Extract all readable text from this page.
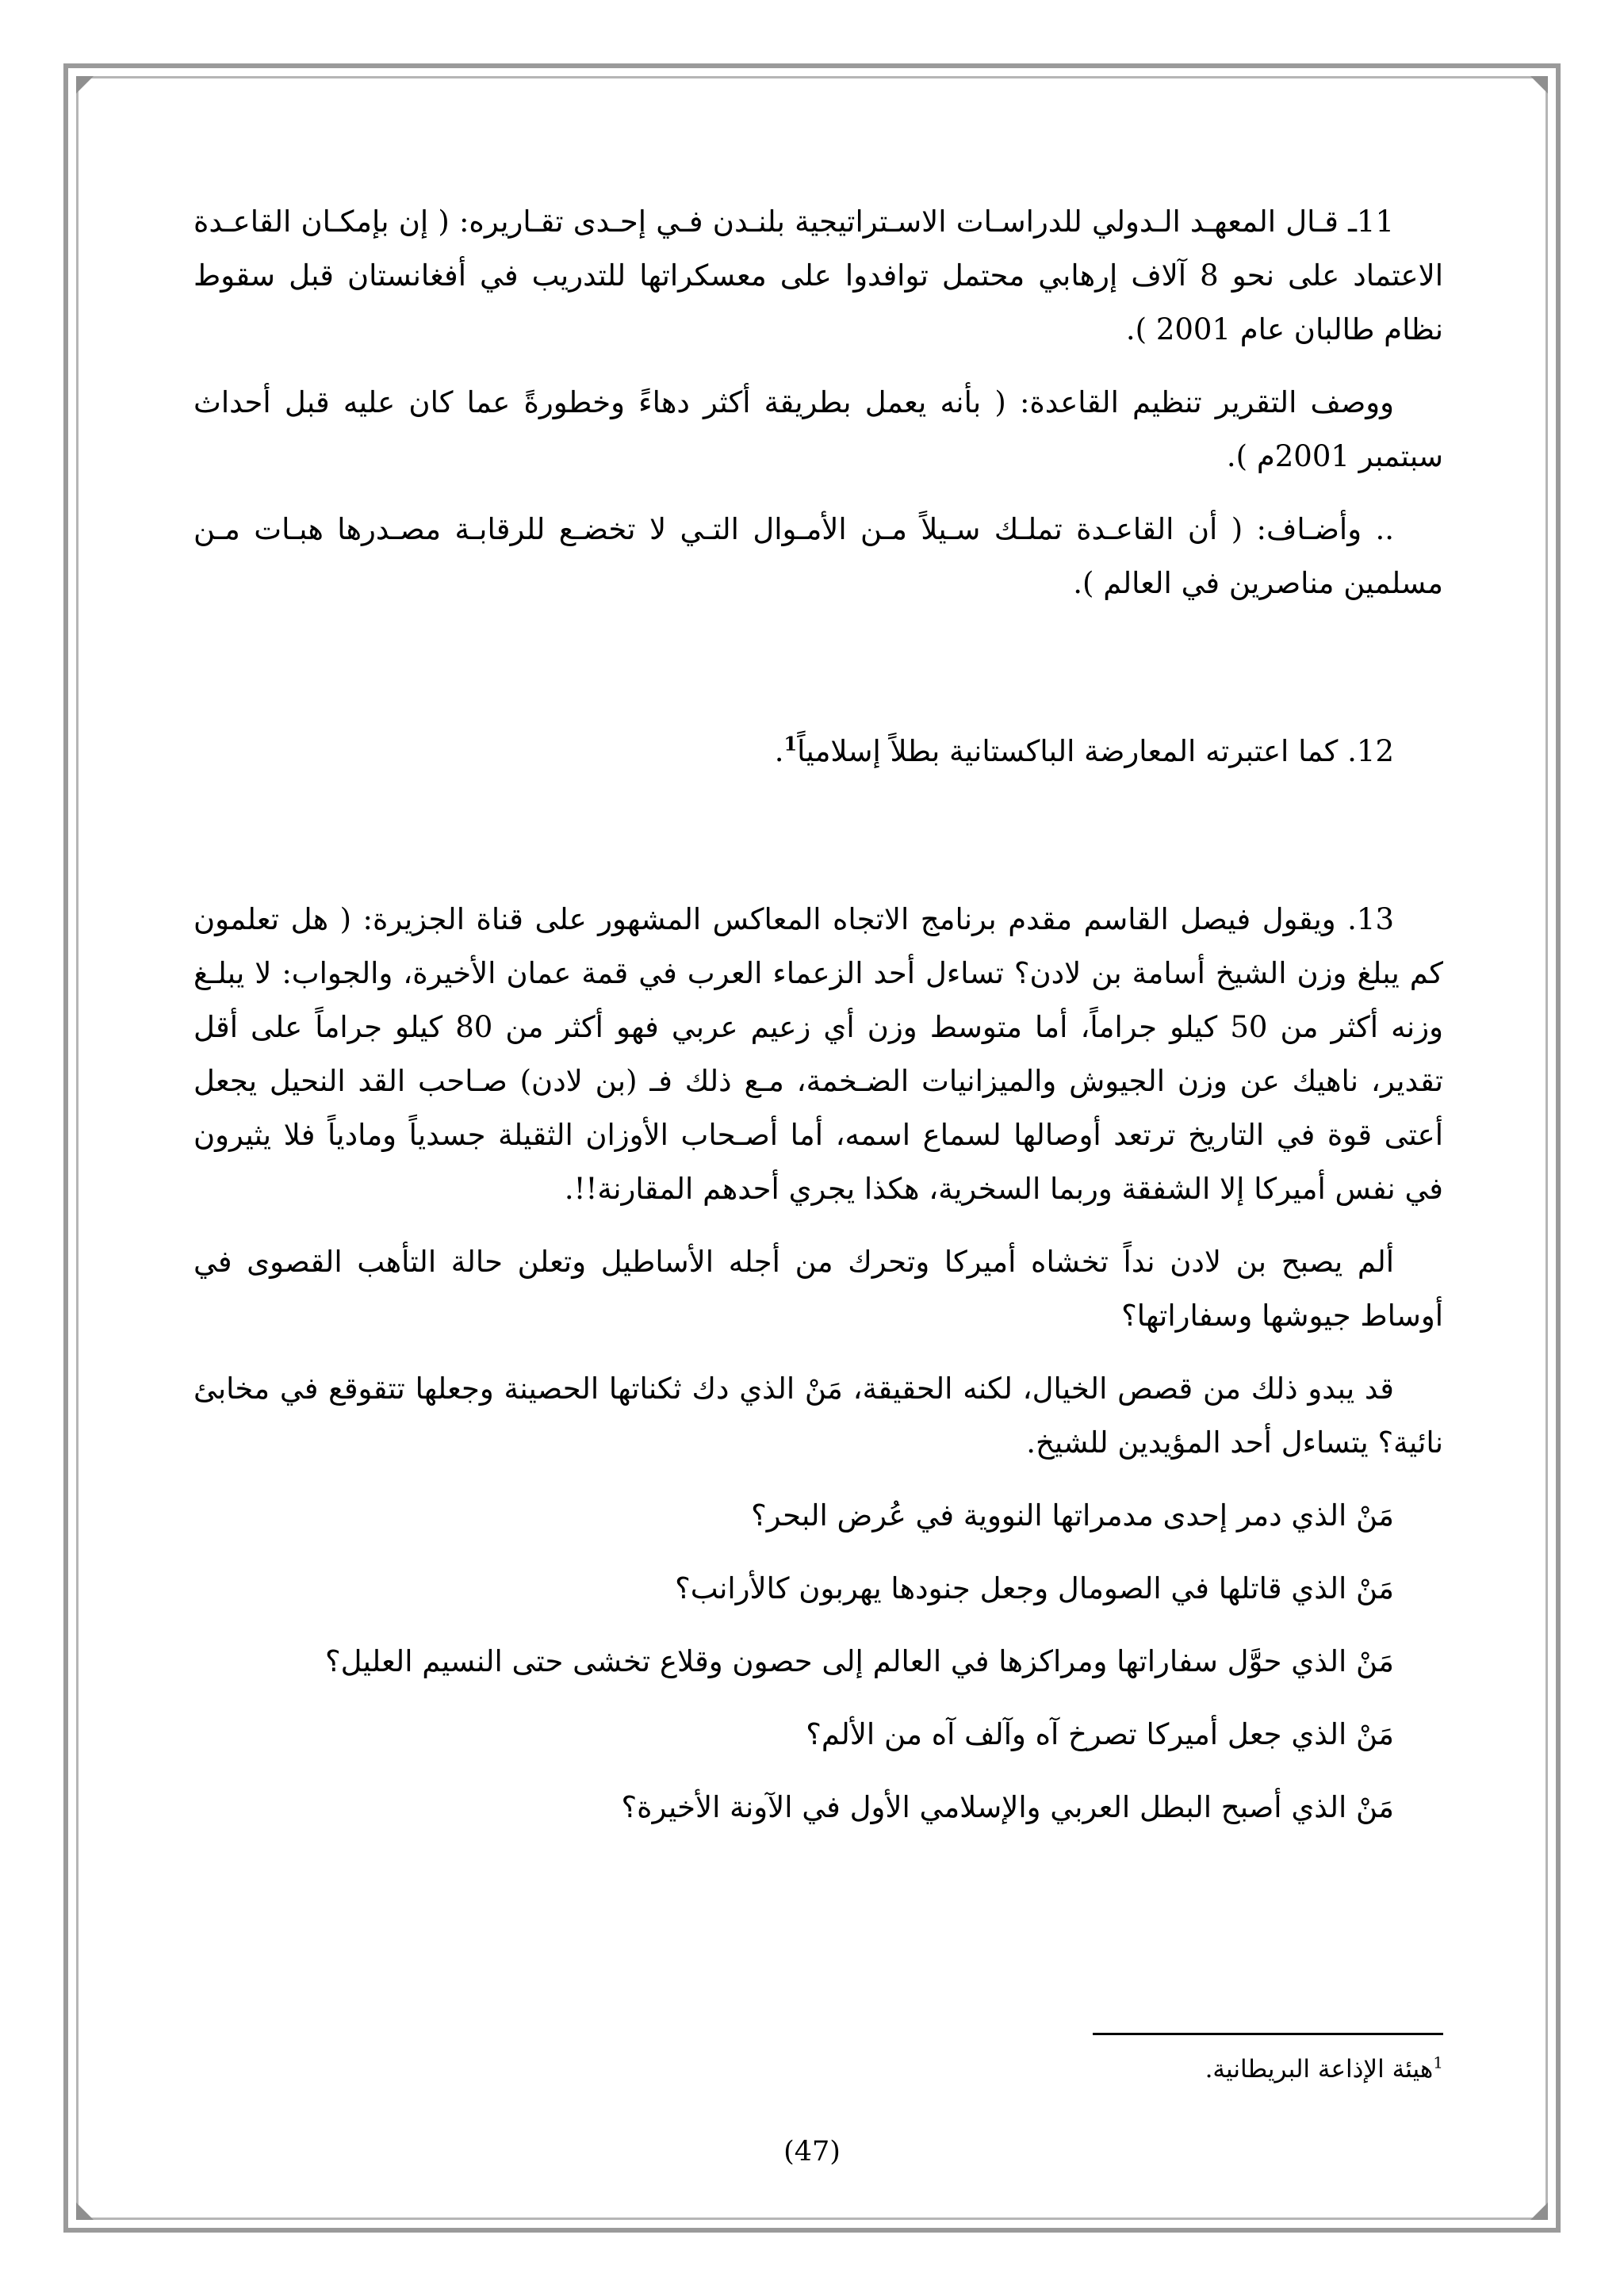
11ـ قـال المعهـد الـدولي للدراسـات الاسـتراتيجية بلنـدن فـي إحـدى تقـاريره: ( إن بإمكـان القاعـدة الاعتماد على نحو 8 آلاف إرهابي محتمل توافدوا على معسكراتها للتدريب في أفغانستان قبل سقوط نظام طالبان عام 2001 ).

ووصف التقرير تنظيم القاعدة: ( بأنه يعمل بطريقة أكثر دهاءً وخطورةً عما كان عليه قبل أحداث سبتمبر 2001م ).

.. وأضـاف: ( أن القاعـدة تملـك سـيلاً مـن الأمـوال التـي لا تخضـع للرقابـة مصـدرها هبـات مـن مسلمين مناصرين في العالم ).

12. كما اعتبرته المعارضة الباكستانية بطلاً إسلامياً$^1$.

13. ويقول فيصل القاسم مقدم برنامج الاتجاه المعاكس المشهور على قناة الجزيرة: ( هل تعلمون كم يبلغ وزن الشيخ أسامة بن لادن؟ تساءل أحد الزعماء العرب في قمة عمان الأخيرة، والجواب: لا يبلـغ وزنه أكثر من 50 كيلو جراماً، أما متوسط وزن أي زعيم عربي فهو أكثر من 80 كيلو جراماً على أقل تقدير، ناهيك عن وزن الجيوش والميزانيات الضـخمة، مـع ذلك فـ (بن لادن) صـاحب القد النحيل يجعل أعتى قوة في التاريخ ترتعد أوصالها لسماع اسمه، أما أصـحاب الأوزان الثقيلة جسدياً ومادياً فلا يثيرون في نفس أميركا إلا الشفقة وربما السخرية، هكذا يجري أحدهم المقارنة!!.

ألم يصبح بن لادن نداً تخشاه أميركا وتحرك من أجله الأساطيل وتعلن حالة التأهب القصوى في أوساط جيوشها وسفاراتها؟

قد يبدو ذلك من قصص الخيال، لكنه الحقيقة، مَنْ الذي دك ثكناتها الحصينة وجعلها تتقوقع في مخابئ نائية؟ يتساءل أحد المؤيدين للشيخ.

مَنْ الذي دمر إحدى مدمراتها النووية في عُرض البحر؟

مَنْ الذي قاتلها في الصومال وجعل جنودها يهربون كالأرانب؟

مَنْ الذي حوَّل سفاراتها ومراكزها في العالم إلى حصون وقلاع تخشى حتى النسيم العليل؟

مَنْ الذي جعل أميركا تصرخ آه وآلف آه من الألم؟

مَنْ الذي أصبح البطل العربي والإسلامي الأول في الآونة الأخيرة؟

$^1$هيئة الإذاعة البريطانية.
(47)
